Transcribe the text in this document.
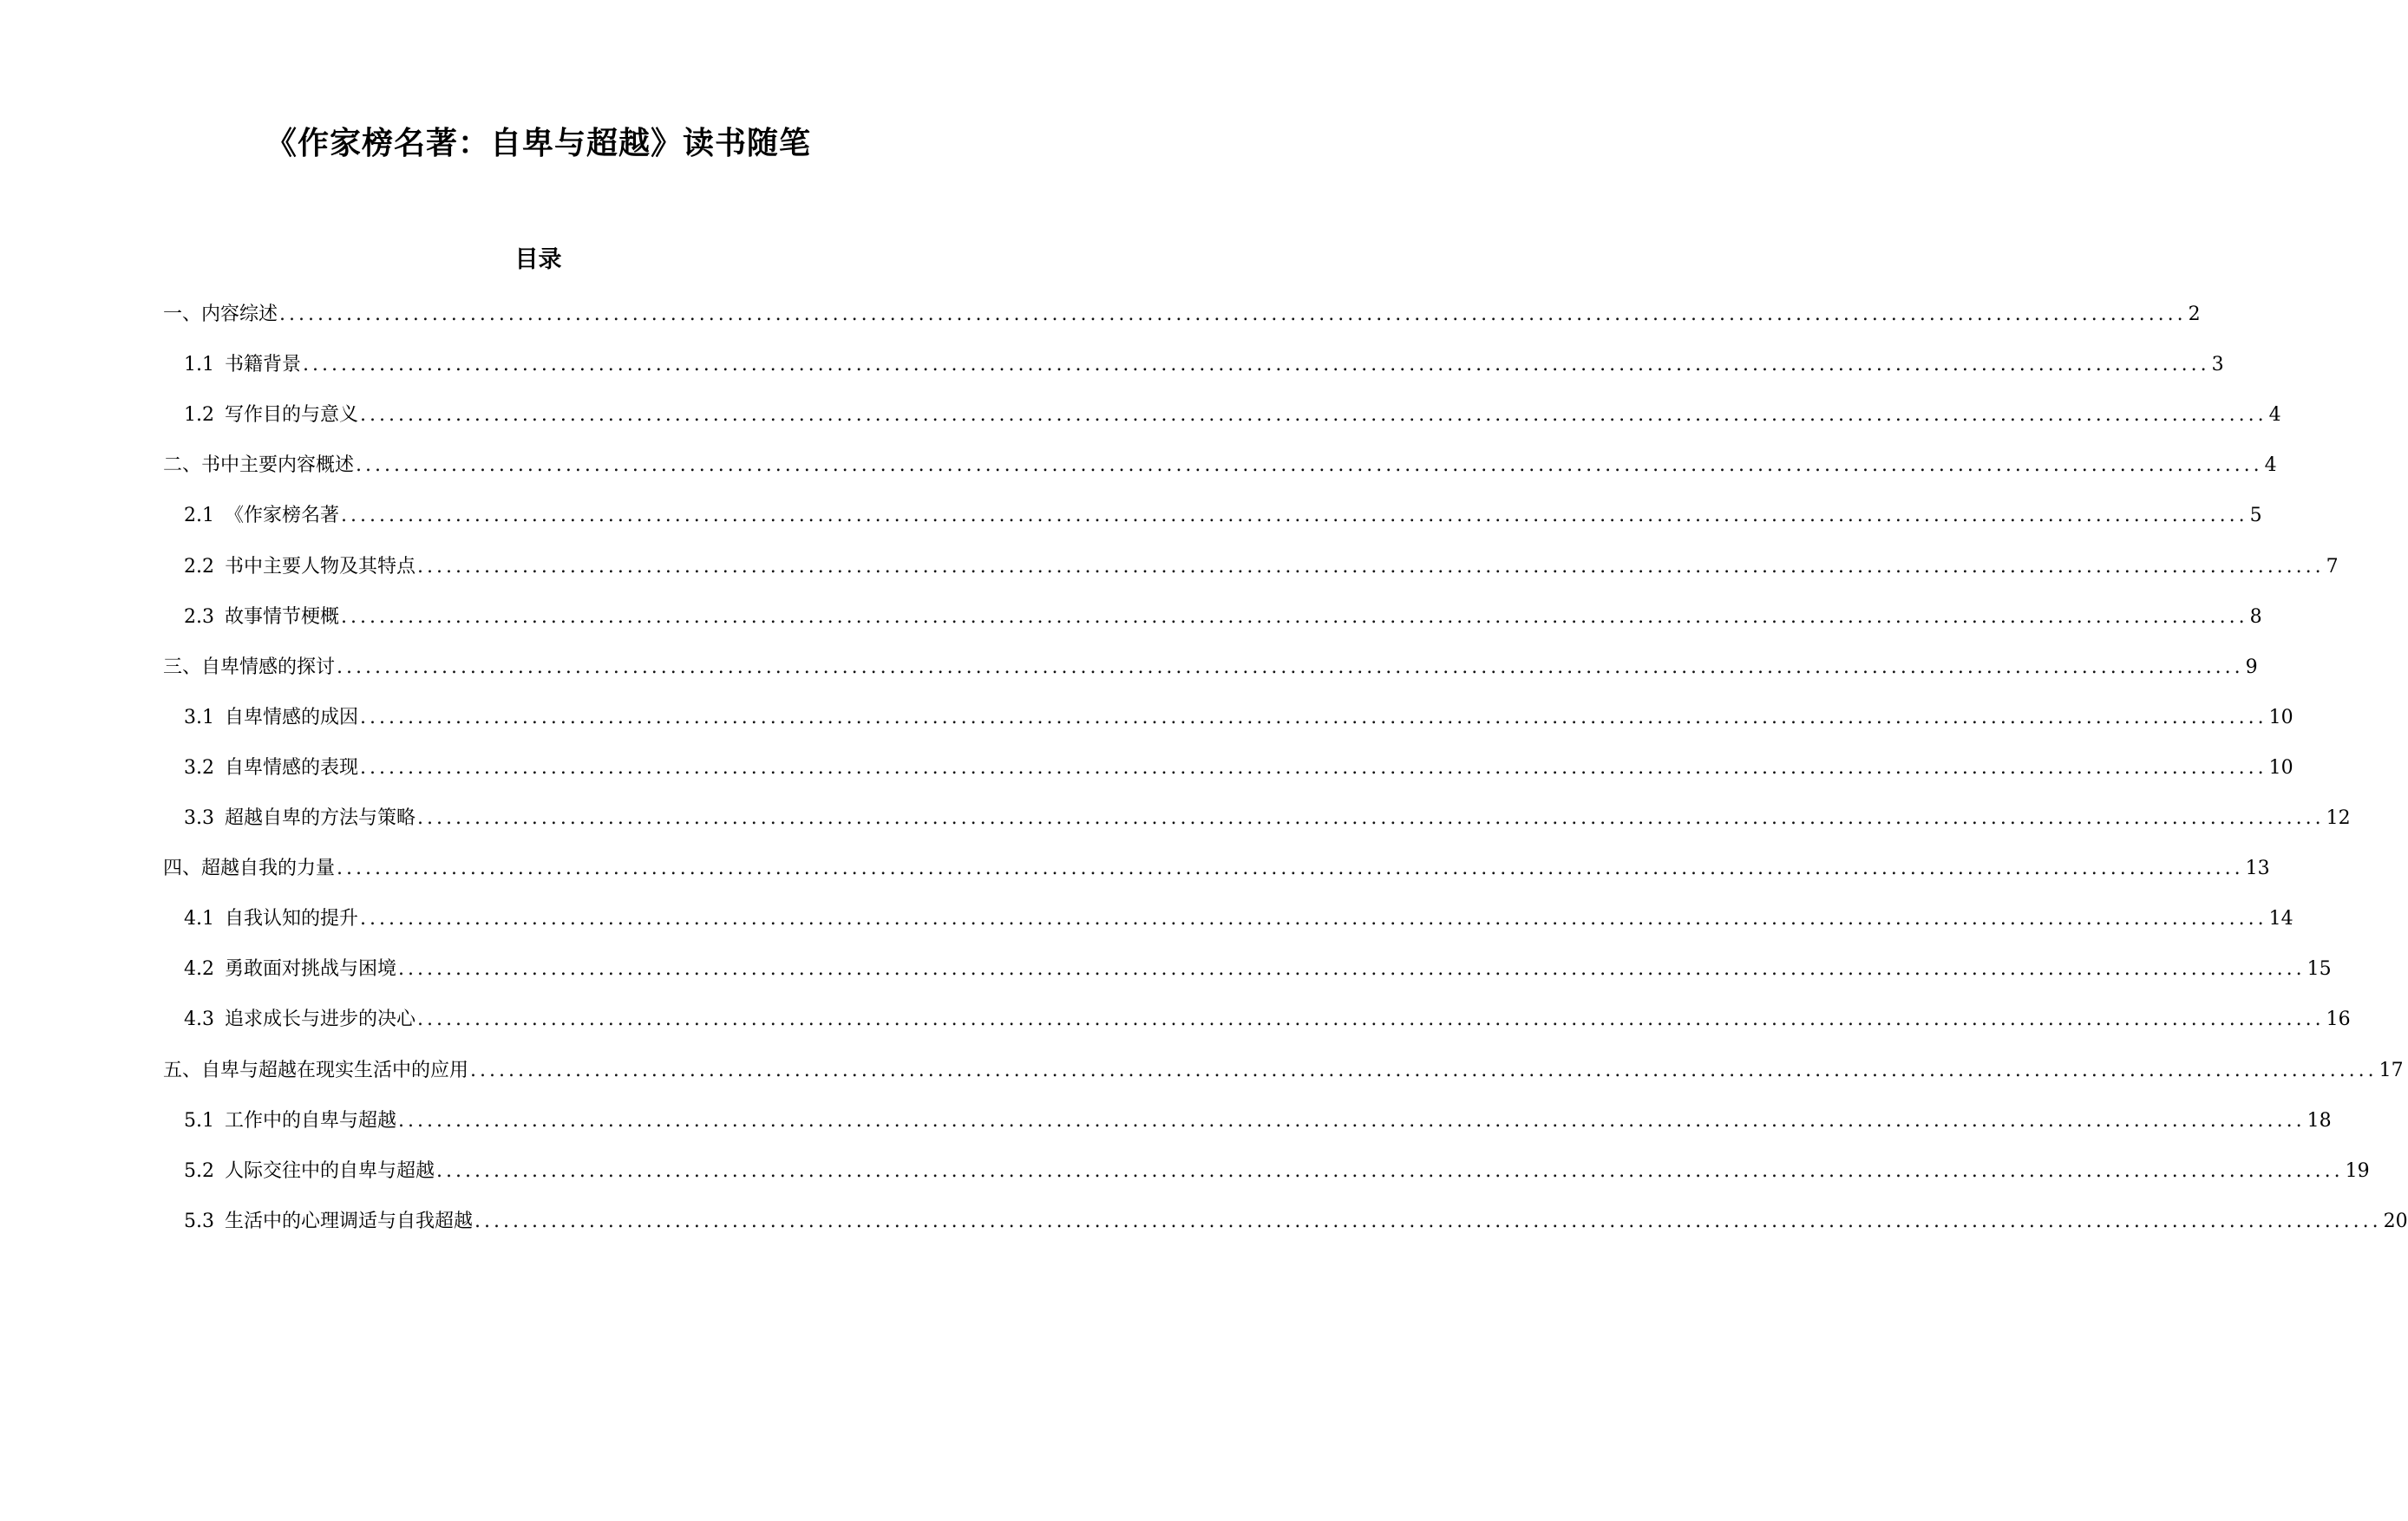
《作家榜名著：自卑与超越》读书随笔
目录
一、 内容综述 ........................................................................................................................................................................................................ 2
1.1 书籍背景 ........................................................................................................................................................................................................ 3
1.2 写作目的与意义 ........................................................................................................................................................................................................ 4
二、 书中主要内容概述 ........................................................................................................................................................................................................ 4
2.1 《作家榜名著 ........................................................................................................................................................................................................ 5
2.2 书中主要人物及其特点 ........................................................................................................................................................................................................ 7
2.3 故事情节梗概 ........................................................................................................................................................................................................ 8
三、 自卑情感的探讨 ........................................................................................................................................................................................................ 9
3.1 自卑情感的成因 ........................................................................................................................................................................................................ 10
3.2 自卑情感的表现 ........................................................................................................................................................................................................ 10
3.3 超越自卑的方法与策略 ........................................................................................................................................................................................................ 12
四、 超越自我的力量 ........................................................................................................................................................................................................ 13
4.1 自我认知的提升 ........................................................................................................................................................................................................ 14
4.2 勇敢面对挑战与困境 ........................................................................................................................................................................................................ 15
4.3 追求成长与进步的决心 ........................................................................................................................................................................................................ 16
五、 自卑与超越在现实生活中的应用 ........................................................................................................................................................................................................ 17
5.1 工作中的自卑与超越 ........................................................................................................................................................................................................ 18
5.2 人际交往中的自卑与超越 ........................................................................................................................................................................................................ 19
5.3 生活中的心理调适与自我超越 ........................................................................................................................................................................................................ 20
